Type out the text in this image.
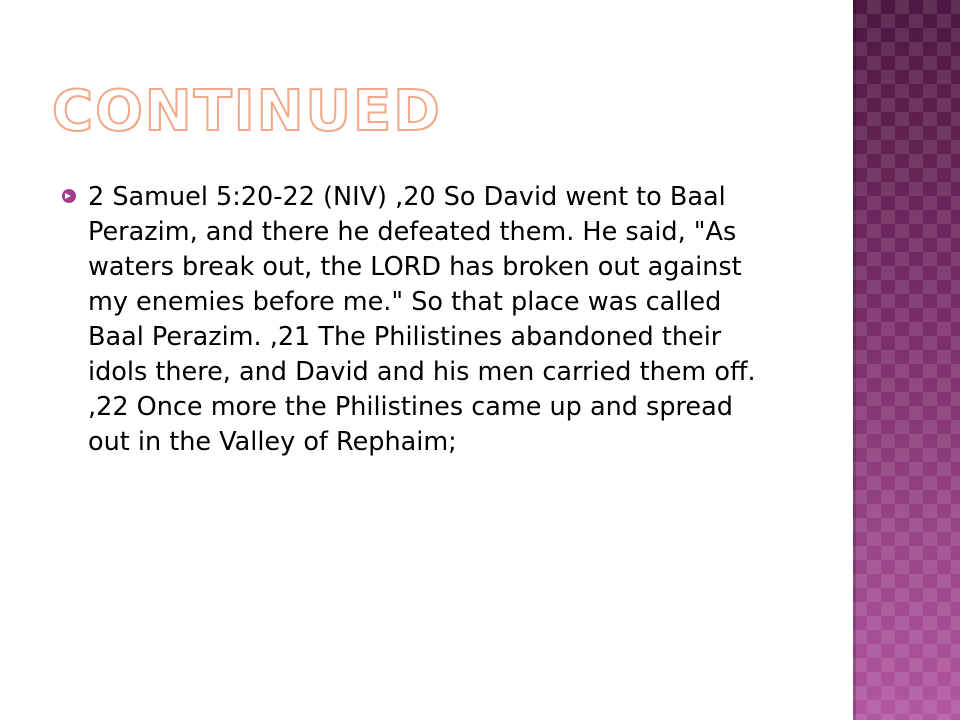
CONTINUED

2 Samuel 5:20-22 (NIV) ,20 So David went to Baal Perazim, and there he defeated them. He said, "As waters break out, the LORD has broken out against my enemies before me." So that place was called Baal Perazim. ,21 The Philistines abandoned their idols there, and David and his men carried them off. ,22 Once more the Philistines came up and spread out in the Valley of Rephaim;
